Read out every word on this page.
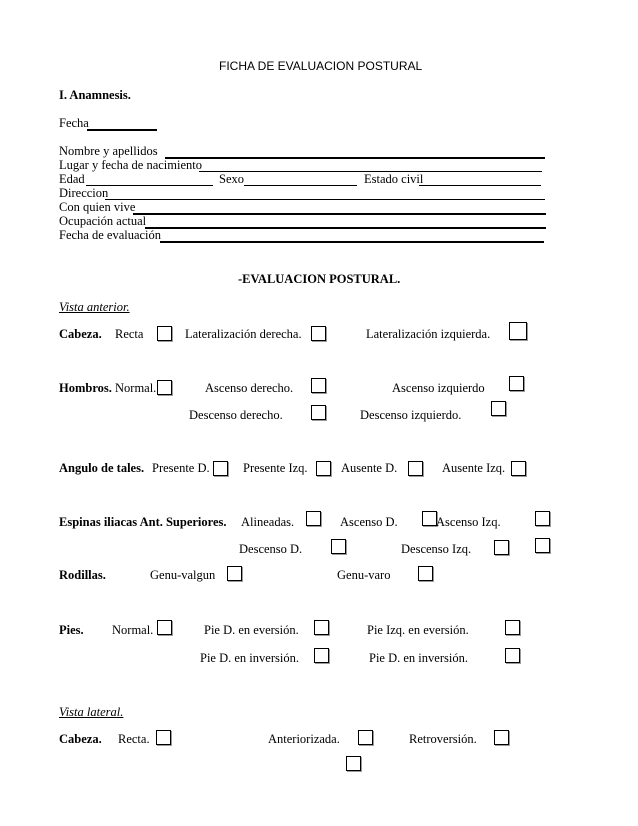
FICHA DE EVALUACION POSTURAL
I. Anamnesis.
Fecha
Nombre y apellidos
Lugar y fecha de nacimiento
Edad	Sexo	Estado civil
Direccion
Con quien vive
Ocupación actual
Fecha de evaluación
-EVALUACION POSTURAL.
Vista anterior.
Cabeza. Recta	Lateralización derecha.	Lateralización izquierda.
Hombros. Normal.	Ascenso derecho.	Ascenso izquierdo
Descenso derecho.	Descenso izquierdo.
Angulo de tales. Presente D.	Presente Izq.	Ausente D.	Ausente Izq.
Espinas iliacas Ant. Superiores. Alineadas.	Ascenso D.	Ascenso Izq.
Descenso D.	Descenso Izq.
Rodillas.	Genu-valgun	Genu-varo
Pies. Normal.	Pie D. en eversión.	Pie Izq. en eversión.
Pie D. en inversión.	Pie D. en inversión.
Vista lateral.
Cabeza. Recta.	Anteriorizada.	Retroversión.
